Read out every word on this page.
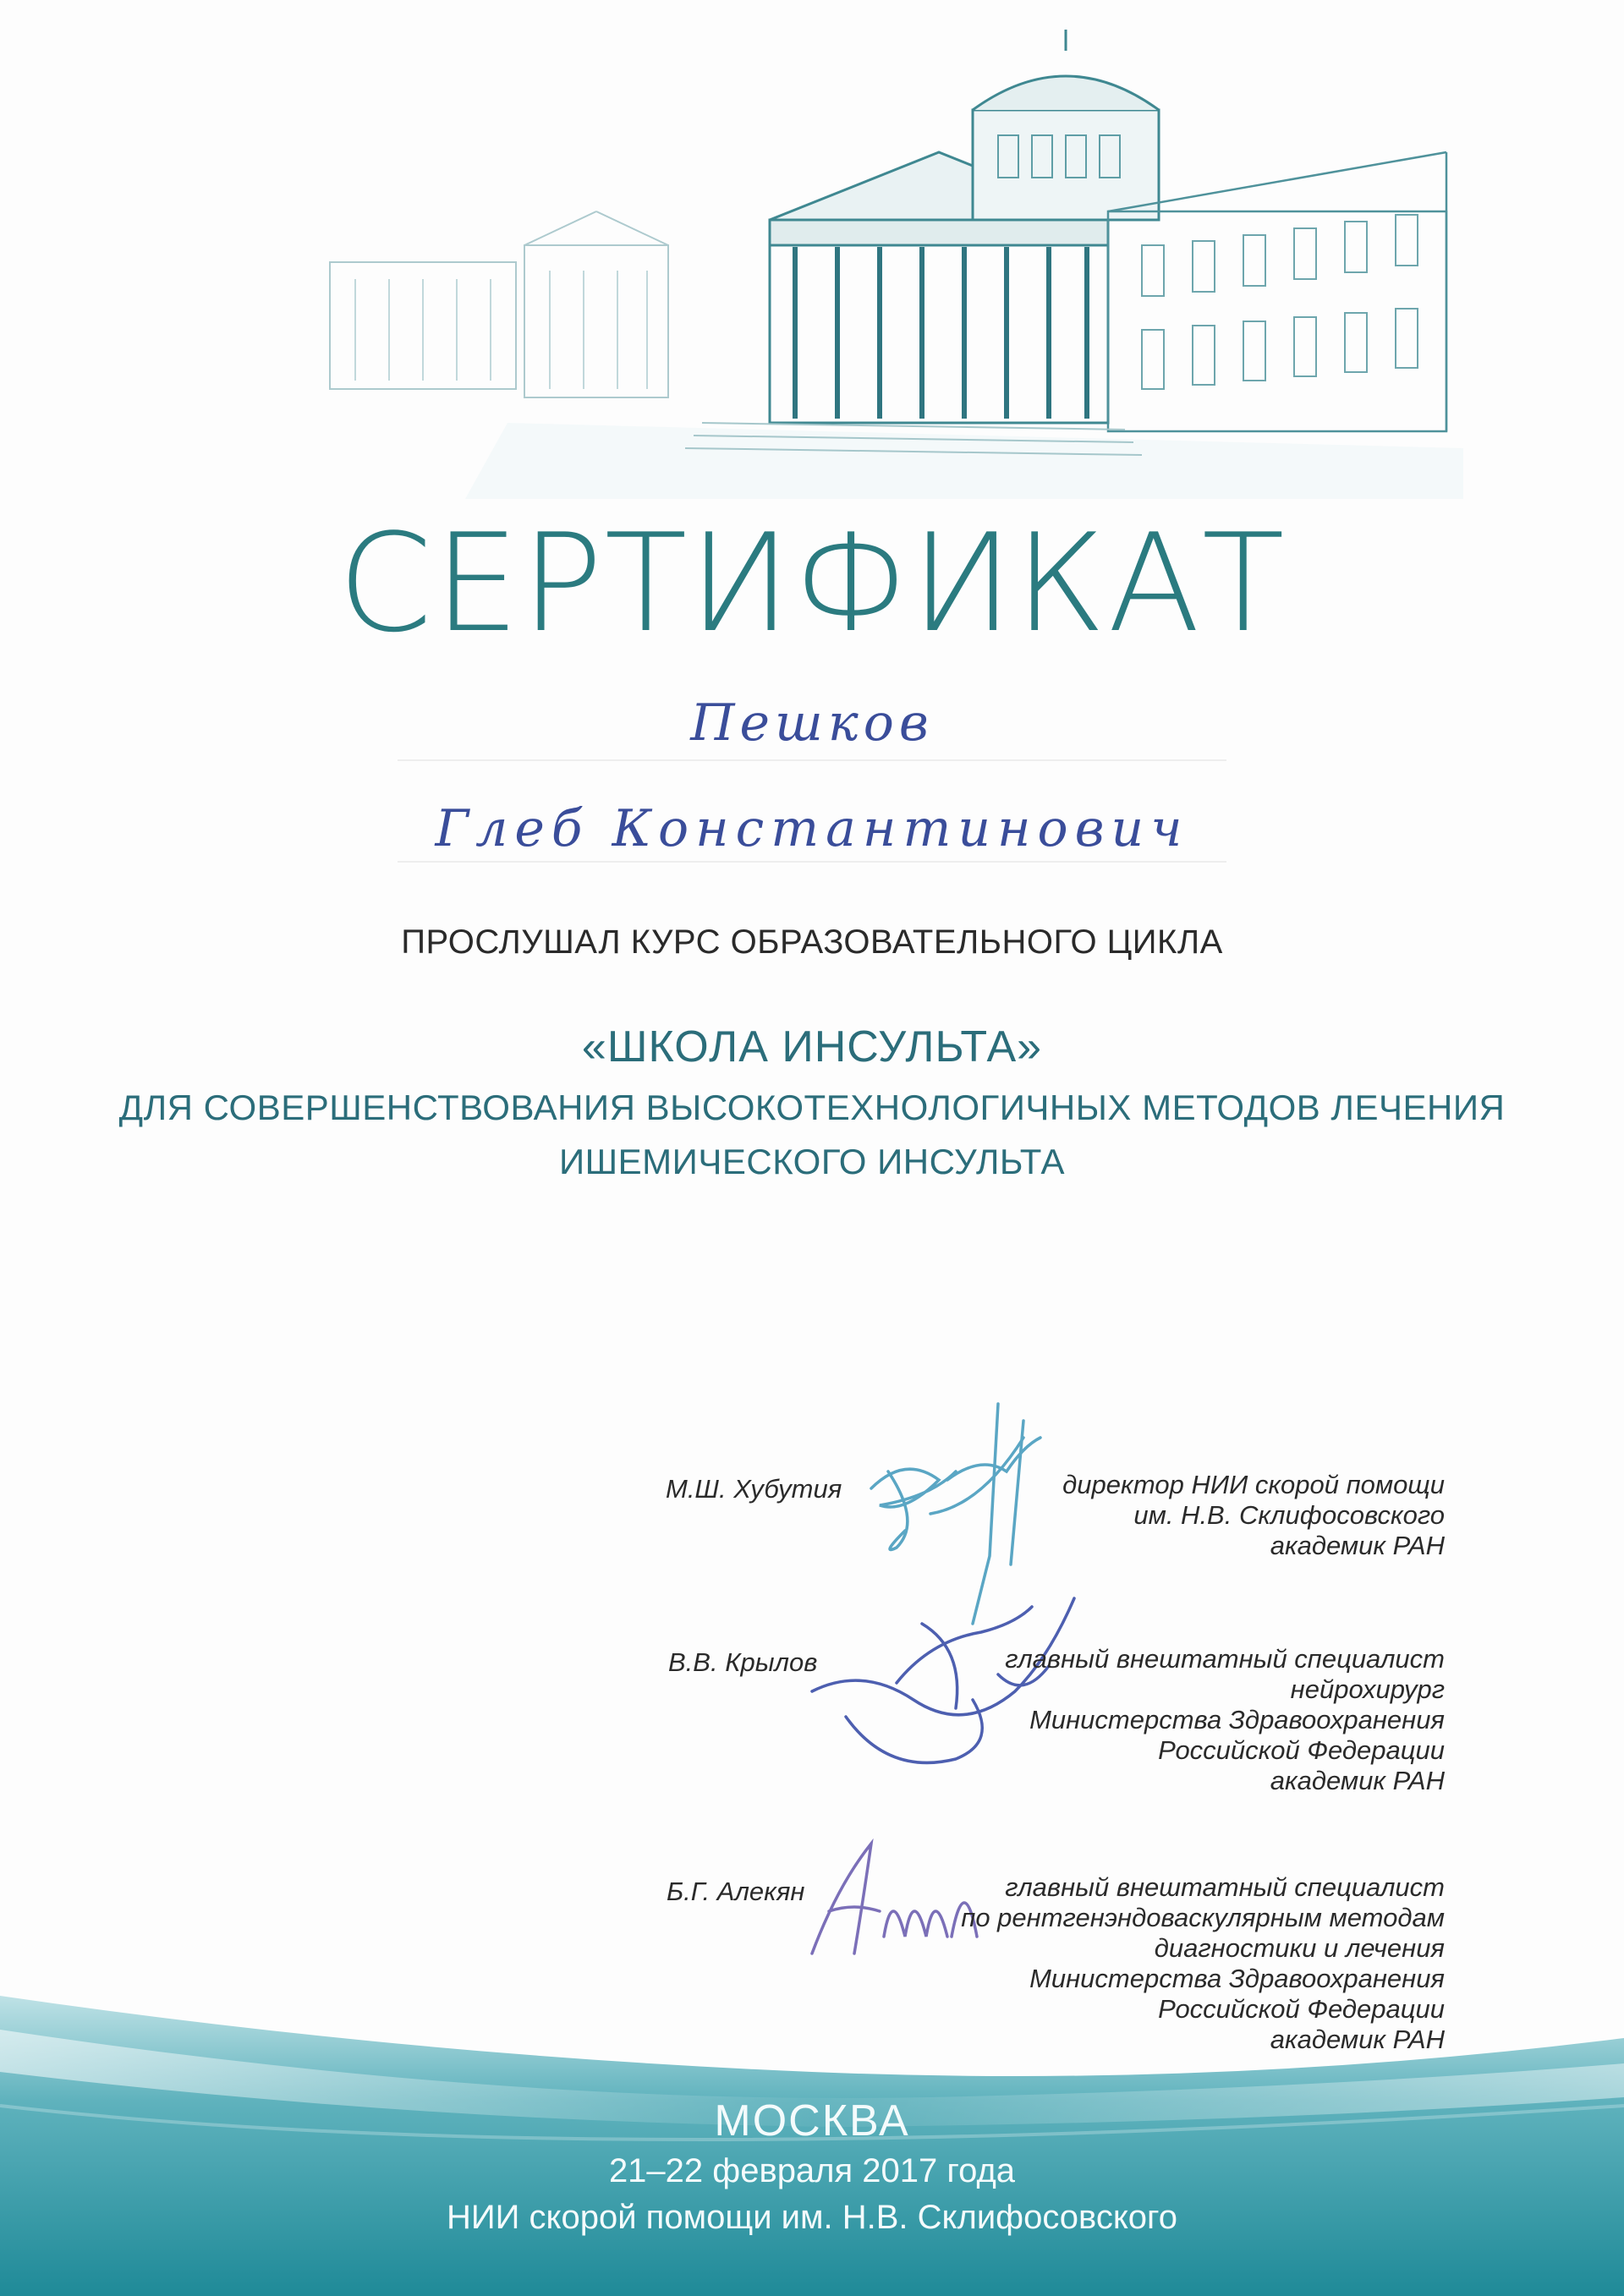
СЕРТИФИКАТ
Пешков
Глеб Константинович
ПРОСЛУШАЛ КУРС ОБРАЗОВАТЕЛЬНОГО ЦИКЛА
«ШКОЛА ИНСУЛЬТА»
ДЛЯ СОВЕРШЕНСТВОВАНИЯ ВЫСОКОТЕХНОЛОГИЧНЫХ МЕТОДОВ ЛЕЧЕНИЯ
ИШЕМИЧЕСКОГО ИНСУЛЬТА
М.Ш. Хубутия	директор НИИ скорой помощи
им. Н.В. Склифосовского
академик РАН
В.В. Крылов	главный внештатный специалист
нейрохирург
Министерства Здравоохранения
Российской Федерации
академик РАН
Б.Г. Алекян	главный внештатный специалист
по рентгенэндоваскулярным методам
диагностики и лечения
Министерства Здравоохранения
Российской Федерации
академик РАН
МОСКВА
21–22 февраля 2017 года
НИИ скорой помощи им. Н.В. Склифосовского
